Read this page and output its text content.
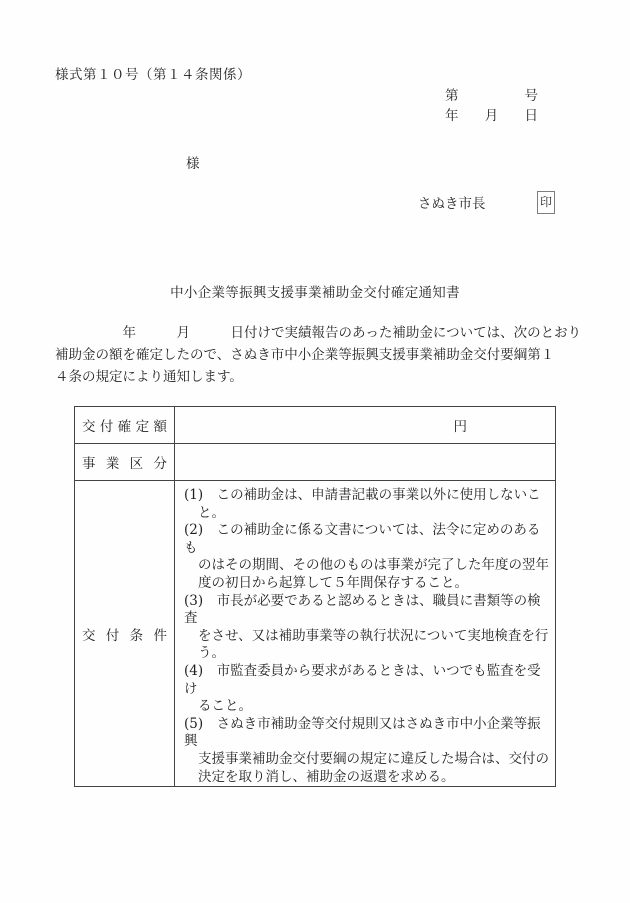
様式第１０号（第１４条関係）
第	号
年 月 日
様
さぬき市長	印
中小企業等振興支援事業補助金交付確定通知書
　　　　　年　　　月　　　日付けで実績報告のあった補助金については、次のとおり
補助金の額を確定したので、さぬき市中小企業等振興支援事業補助金交付要綱第１
４条の規定により通知します。
交 付 確 定 額	円

事 業 区 分	

交 付 条 件

(1)　この補助金は、申請書記載の事業以外に使用しないこ
と。
(2)　この補助金に係る文書については、法令に定めのあるも
のはその期間、その他のものは事業が完了した年度の翌年
度の初日から起算して５年間保存すること。
(3)　市長が必要であると認めるときは、職員に書類等の検査
をさせ、又は補助事業等の執行状況について実地検査を行
う。
(4)　市監査委員から要求があるときは、いつでも監査を受け
ること。
(5)　さぬき市補助金等交付規則又はさぬき市中小企業等振興
支援事業補助金交付要綱の規定に違反した場合は、交付の
決定を取り消し、補助金の返還を求める。
